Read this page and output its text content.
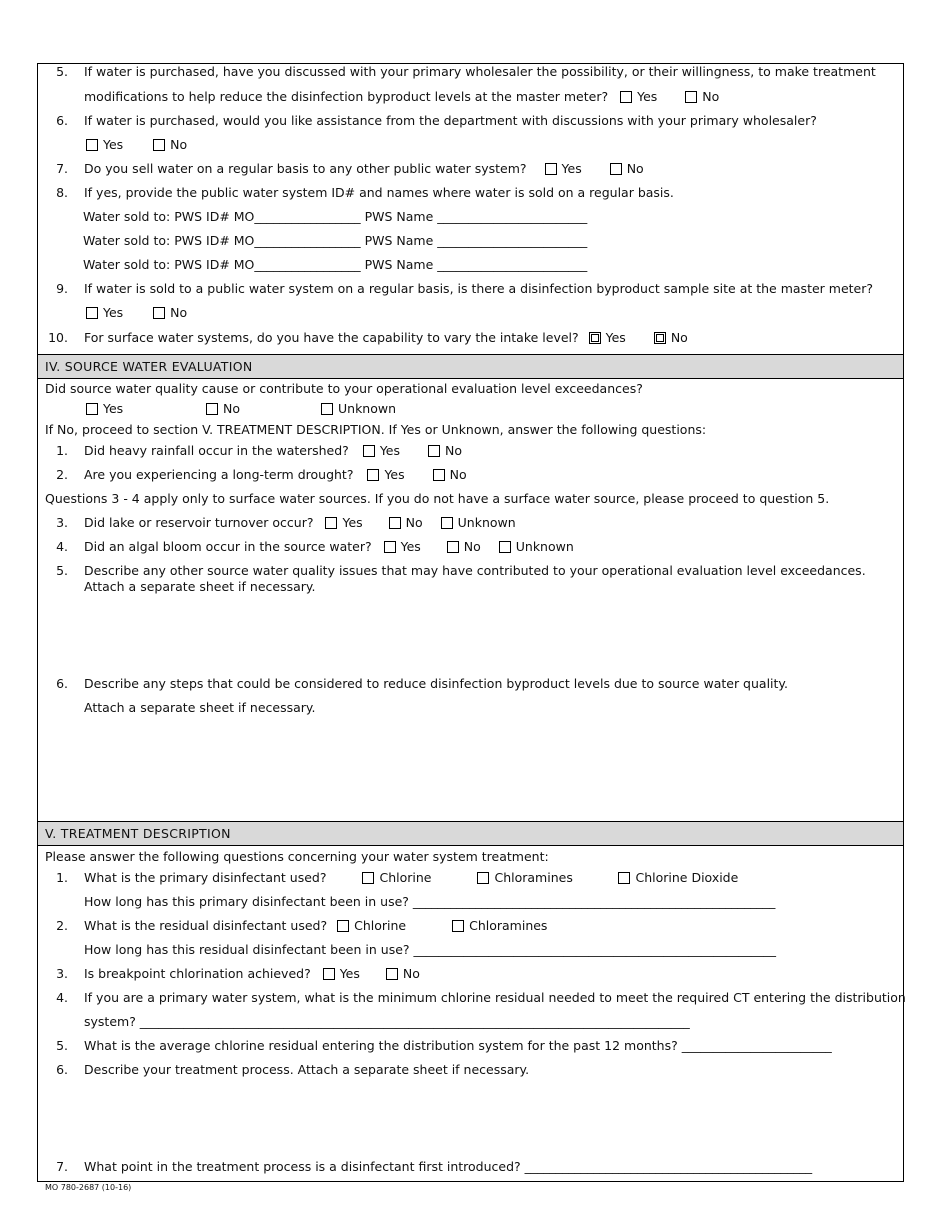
5. If water is purchased, have you discussed with your primary wholesaler the possibility, or their willingness, to make treatment
modifications to help reduce the disinfection byproduct levels at the master meter? Yes	No
6. If water is purchased, would you like assistance from the department with discussions with your primary wholesaler?
Yes	No
7. Do you sell water on a regular basis to any other public water system?	Yes	No
8. If yes, provide the public water system ID# and names where water is sold on a regular basis.
Water sold to: PWS ID# MO_________________ PWS Name ________________________
Water sold to: PWS ID# MO_________________ PWS Name ________________________
Water sold to: PWS ID# MO_________________ PWS Name ________________________
9. If water is sold to a public water system on a regular basis, is there a disinfection byproduct sample site at the master meter?
Yes	No
10. For surface water systems, do you have the capability to vary the intake level? Yes	No
IV. SOURCE WATER EVALUATION
Did source water quality cause or contribute to your operational evaluation level exceedances?
Yes	No	Unknown
If No, proceed to section V. TREATMENT DESCRIPTION. If Yes or Unknown, answer the following questions:
1. Did heavy rainfall occur in the watershed? Yes	No
2. Are you experiencing a long-term drought? Yes	No
Questions 3 - 4 apply only to surface water sources. If you do not have a surface water source, please proceed to question 5.
3. Did lake or reservoir turnover occur? Yes	No	Unknown
4. Did an algal bloom occur in the source water? Yes	No	Unknown
5. Describe any other source water quality issues that may have contributed to your operational evaluation level exceedances.
Attach a separate sheet if necessary.
6. Describe any steps that could be considered to reduce disinfection byproduct levels due to source water quality.
Attach a separate sheet if necessary.
V. TREATMENT DESCRIPTION
Please answer the following questions concerning your water system treatment:
1. What is the primary disinfectant used?	Chlorine	Chloramines	Chlorine Dioxide
How long has this primary disinfectant been in use? __________________________________________________________
2. What is the residual disinfectant used? Chlorine	Chloramines
How long has this residual disinfectant been in use? __________________________________________________________
3. Is breakpoint chlorination achieved? Yes	No
4. If you are a primary water system, what is the minimum chlorine residual needed to meet the required CT entering the distribution
system? ________________________________________________________________________________________
5. What is the average chlorine residual entering the distribution system for the past 12 months? ________________________
6. Describe your treatment process. Attach a separate sheet if necessary.
7. What point in the treatment process is a disinfectant first introduced? ______________________________________________
MO 780-2687 (10-16)
